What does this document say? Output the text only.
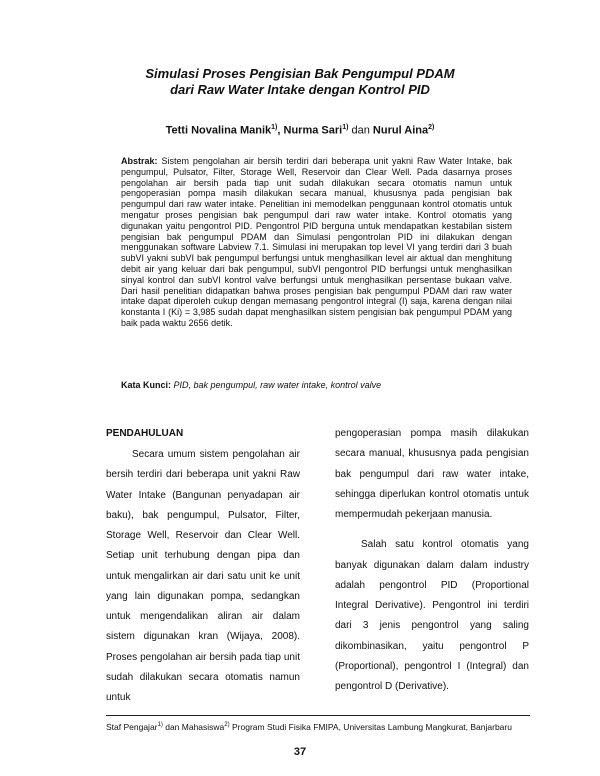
Simulasi Proses Pengisian Bak Pengumpul PDAM
dari Raw Water Intake dengan Kontrol PID
Tetti Novalina Manik$^{1)}$, Nurma Sari$^{1)}$ dan Nurul Aina$^{2)}$

Abstrak: Sistem pengolahan air bersih terdiri dari beberapa unit yakni Raw Water Intake, bak pengumpul, Pulsator, Filter, Storage Well, Reservoir dan Clear Well. Pada dasarnya proses pengolahan air bersih pada tiap unit sudah dilakukan secara otomatis namun untuk pengoperasian pompa masih dilakukan secara manual, khususnya pada pengisian bak pengumpul dari raw water intake. Penelitian ini memodelkan penggunaan kontrol otomatis untuk mengatur proses pengisian bak pengumpul dari raw water intake. Kontrol otomatis yang digunakan yaitu pengontrol PID. Pengontrol PID berguna untuk mendapatkan kestabilan sistem pengisian bak pengumpul PDAM dan Simulasi pengontrolan PID ini dilakukan dengan menggunakan software Labview 7.1. Simulasi ini merupakan top level VI yang terdiri dari 3 buah subVI yakni subVI bak pengumpul berfungsi untuk menghasilkan level air aktual dan menghitung debit air yang keluar dari bak pengumpul, subVI pengontrol PID berfungsi untuk menghasilkan sinyal kontrol dan subVI kontrol valve berfungsi untuk menghasilkan persentase bukaan valve. Dari hasil penelitian didapatkan bahwa proses pengisian bak pengumpul PDAM dari raw water intake dapat diperoleh cukup dengan memasang pengontrol integral (I) saja, karena dengan nilai konstanta I (Ki) = 3,985 sudah dapat menghasilkan sistem pengisian bak pengumpul PDAM yang baik pada waktu 2656 detik.

Kata Kunci: PID, bak pengumpul, raw water intake, kontrol valve

PENDAHULUAN

Secara umum sistem pengolahan air bersih terdiri dari beberapa unit yakni Raw Water Intake (Bangunan penyadapan air baku), bak pengumpul, Pulsator, Filter, Storage Well, Reservoir dan Clear Well. Setiap unit terhubung dengan pipa dan untuk mengalirkan air dari satu unit ke unit yang lain digunakan pompa, sedangkan untuk mengendalikan aliran air dalam sistem digunakan kran (Wijaya, 2008). Proses pengolahan air bersih pada tiap unit sudah dilakukan secara otomatis namun untuk

pengoperasian pompa masih dilakukan secara manual, khususnya pada pengisian bak pengumpul dari raw water intake, sehingga diperlukan kontrol otomatis untuk mempermudah pekerjaan manusia.

Salah satu kontrol otomatis yang banyak digunakan dalam dalam industry adalah pengontrol PID (Proportional Integral Derivative). Pengontrol ini terdiri dari 3 jenis pengontrol yang saling dikombinasikan, yaitu pengontrol P (Proportional), pengontrol I (Integral) dan pengontrol D (Derivative).

Staf Pengajar$^{1)}$ dan Mahasiswa$^{2)}$ Program Studi Fisika FMIPA, Universitas Lambung Mangkurat, Banjarbaru
37
